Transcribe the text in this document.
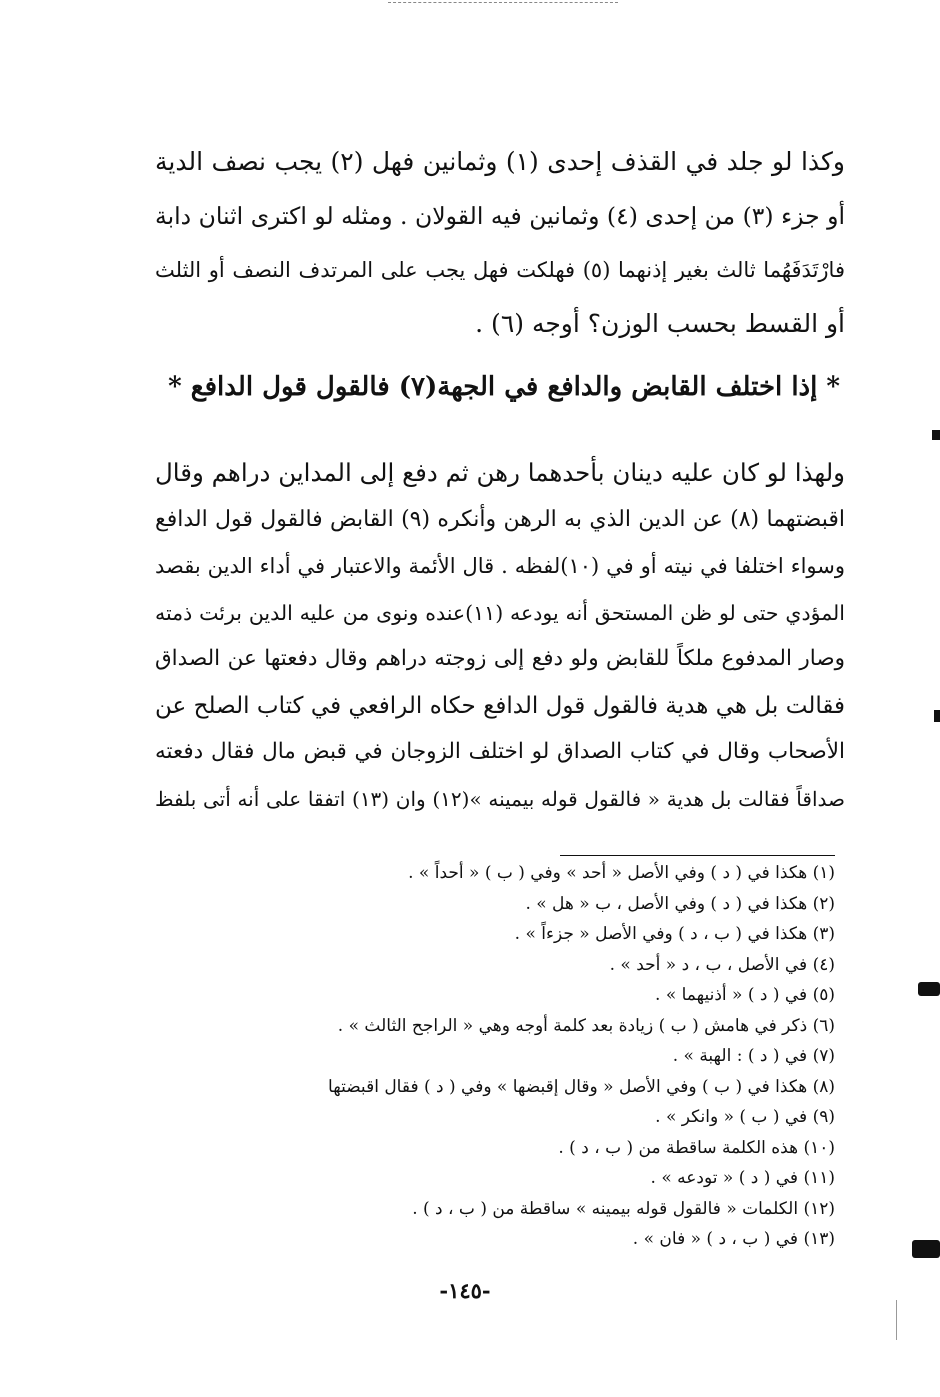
وكذا لو جلد في القذف إحدى (١) وثمانين فهل (٢) يجب نصف الدية
أو جزء (٣) من إحدى (٤) وثمانين فيه القولان . ومثله لو اكترى اثنان دابة
فارْتَدَفَهُما ثالث بغير إذنهما (٥) فهلكت فهل يجب على المرتدف النصف أو الثلث
أو القسط بحسب الوزن؟ أوجه (٦) .
* إذا اختلف القابض والدافع في الجهة(٧) فالقول قول الدافع *
ولهذا لو كان عليه دينان بأحدهما رهن ثم دفع إلى المداين دراهم وقال
اقبضتهما (٨) عن الدين الذي به الرهن وأنكره (٩) القابض فالقول قول الدافع
وسواء اختلفا في نيته أو في (١٠)لفظه . قال الأئمة والاعتبار في أداء الدين بقصد
المؤدي حتى لو ظن المستحق أنه يودعه (١١)عنده ونوى من عليه الدين برئت ذمته
وصار المدفوع ملكاً للقابض ولو دفع إلى زوجته دراهم وقال دفعتها عن الصداق
فقالت بل هي هدية فالقول قول الدافع حكاه الرافعي في كتاب الصلح عن
الأصحاب وقال في كتاب الصداق لو اختلف الزوجان في قبض مال فقال دفعته
صداقاً فقالت بل هدية « فالقول قوله بيمينه »(١٢) وان (١٣) اتفقا على أنه أتى بلفظ
(١) هكذا في ( د ) وفي الأصل « أحد » وفي ( ب ) « أحداً » .
(٢) هكذا في ( د ) وفي الأصل ، ب « هل » .
(٣) هكذا في ( ب ، د ) وفي الأصل « جزءاً » .
(٤) في الأصل ، ب ، د « أحد » .
(٥) في ( د ) « أذنيهما » .
(٦) ذكر في هامش ( ب ) زيادة بعد كلمة أوجه وهي « الراجح الثالث » .
(٧) في ( د ) : الهبة » .
(٨) هكذا في ( ب ) وفي الأصل « وقال إقبضها » وفي ( د ) فقال اقبضتها
(٩) في ( ب ) « وانكر » .
(١٠) هذه الكلمة ساقطة من ( ب ، د ) .
(١١) في ( د ) « تودعه » .
(١٢) الكلمات « فالقول قوله بيمينه » ساقطة من ( ب ، د ) .
(١٣) في ( ب ، د ) « فان » .
-١٤٥-
